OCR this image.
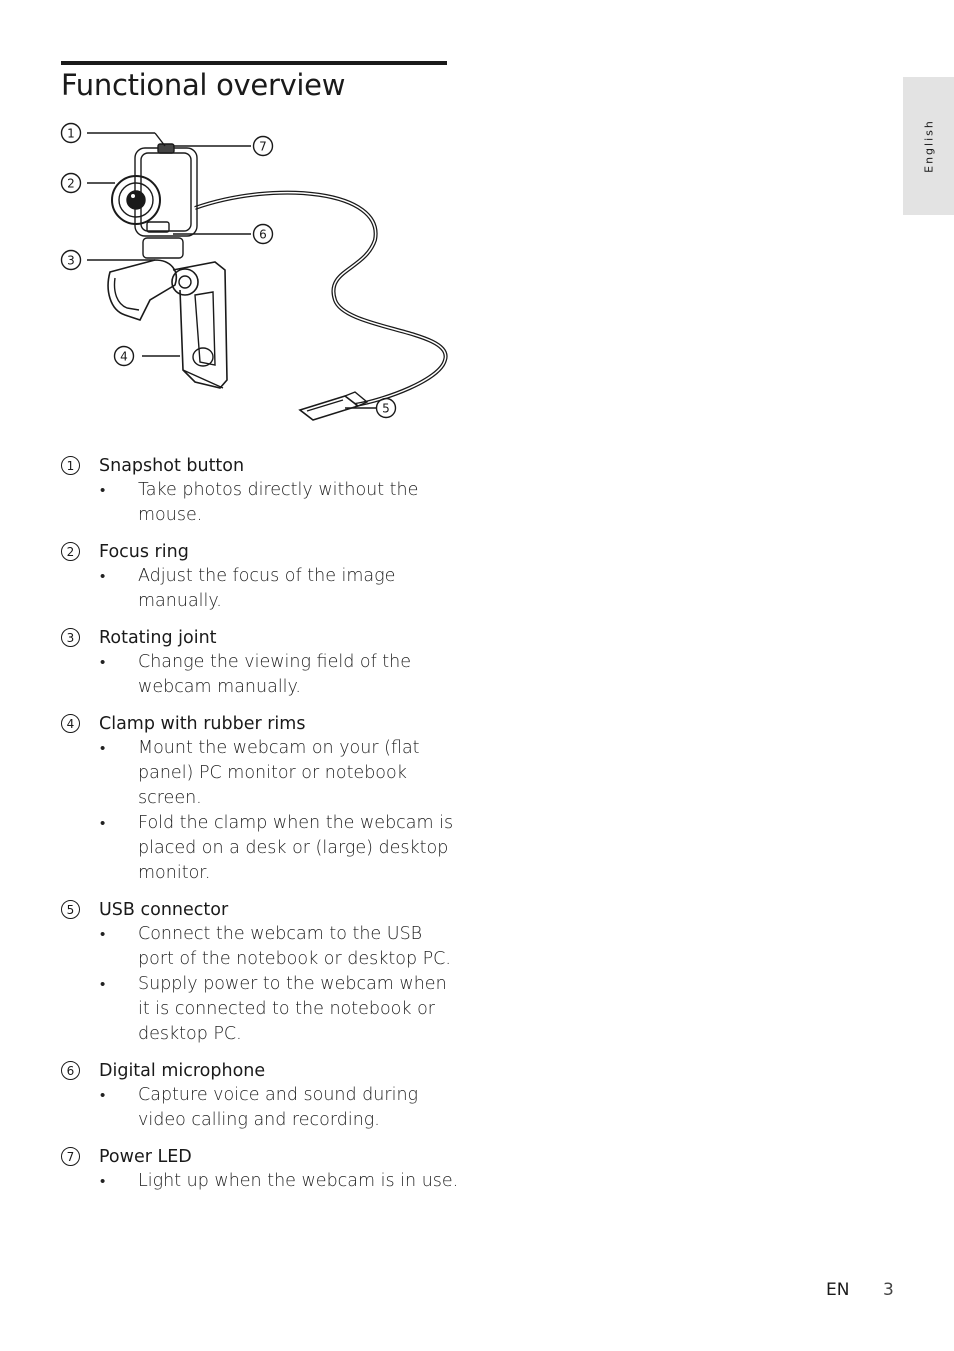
Functional overview
English
1
2
3
4
5
6
7
1	Snapshot button
• Take photos directly without the mouse.
2	Focus ring
• Adjust the focus of the image manually.
3	Rotating joint
• Change the viewing field of the webcam manually.
4	Clamp with rubber rims
• Mount the webcam on your (flat panel) PC monitor or notebook screen.
• Fold the clamp when the webcam is placed on a desk or (large) desktop monitor.
5	USB connector
• Connect the webcam to the USB port of the notebook or desktop PC.
• Supply power to the webcam when it is connected to the notebook or desktop PC.
6	Digital microphone
• Capture voice and sound during video calling and recording.
7	Power LED
• Light up when the webcam is in use.
EN 3
